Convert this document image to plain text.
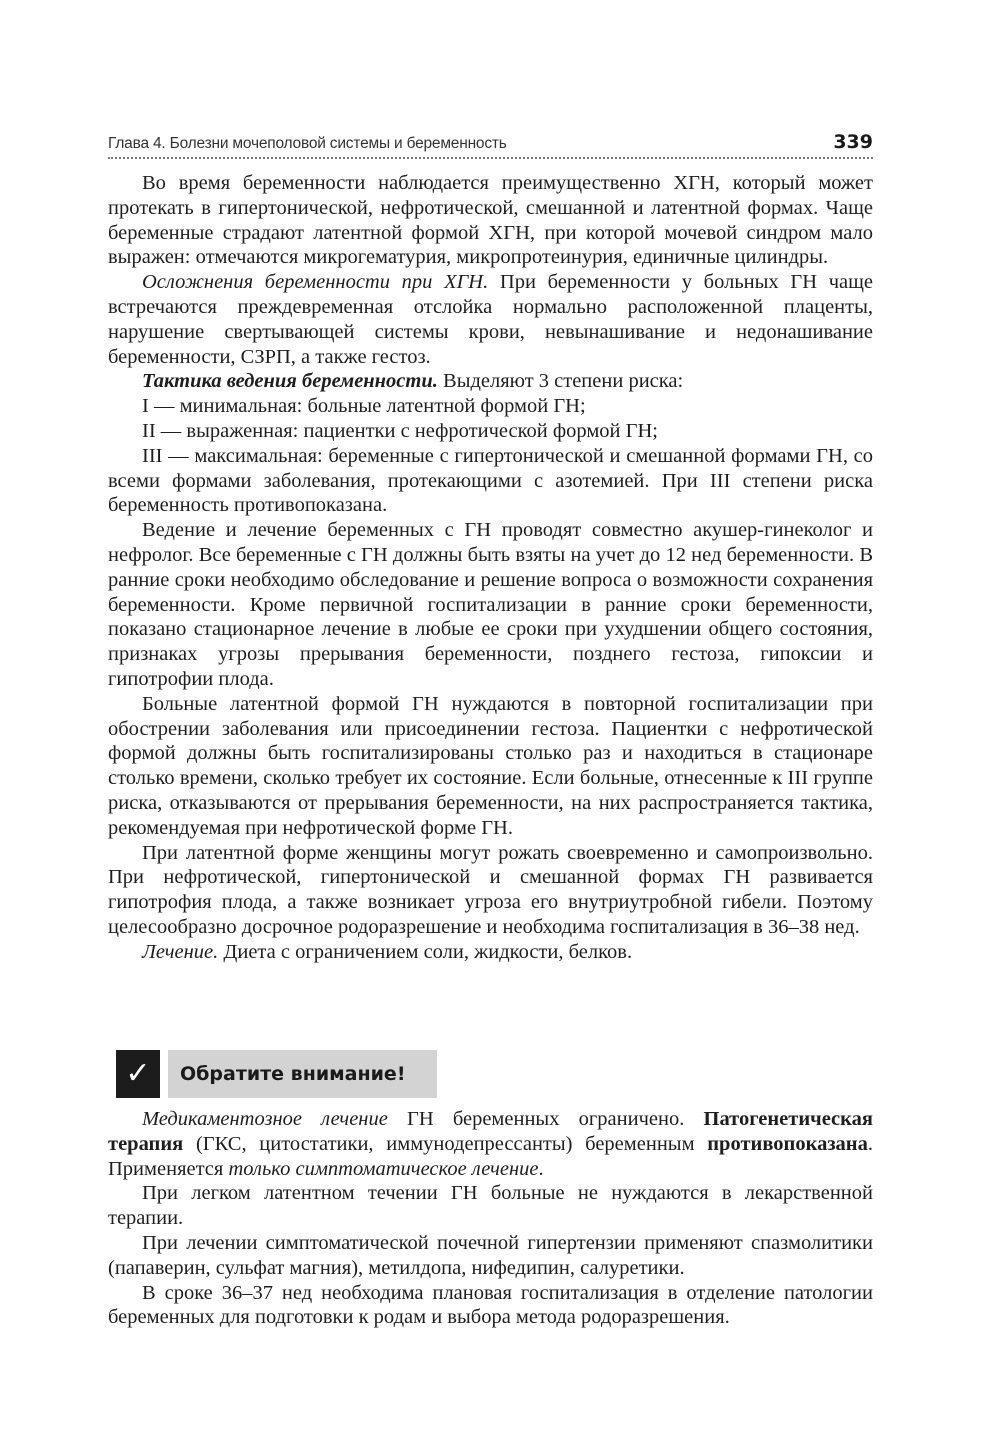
Глава 4. Болезни мочеполовой системы и беременность	339

Во время беременности наблюдается преимущественно ХГН, который может протекать в гипертонической, нефротической, смешанной и латентной формах. Чаще беременные страдают латентной формой ХГН, при которой мочевой синдром мало выражен: отмечаются микрогематурия, микропротеинурия, единичные цилиндры.

Осложнения беременности при ХГН. При беременности у больных ГН чаще встречаются преждевременная отслойка нормально расположенной плаценты, нарушение свертывающей системы крови, невынашивание и недонашивание беременности, СЗРП, а также гестоз.

Тактика ведения беременности. Выделяют 3 степени риска:

I — минимальная: больные латентной формой ГН;

II — выраженная: пациентки с нефротической формой ГН;

III — максимальная: беременные с гипертонической и смешанной формами ГН, со всеми формами заболевания, протекающими с азотемией. При III степени риска беременность противопоказана.

Ведение и лечение беременных с ГН проводят совместно акушер-гинеколог и нефролог. Все беременные с ГН должны быть взяты на учет до 12 нед беременности. В ранние сроки необходимо обследование и решение вопроса о возможности сохранения беременности. Кроме первичной госпитализации в ранние сроки беременности, показано стационарное лечение в любые ее сроки при ухудшении общего состояния, признаках угрозы прерывания беременности, позднего гестоза, гипоксии и гипотрофии плода.

Больные латентной формой ГН нуждаются в повторной госпитализации при обострении заболевания или присоединении гестоза. Пациентки с нефротической формой должны быть госпитализированы столько раз и находиться в стационаре столько времени, сколько требует их состояние. Если больные, отнесенные к III группе риска, отказываются от прерывания беременности, на них распространяется тактика, рекомендуемая при нефротической форме ГН.

При латентной форме женщины могут рожать своевременно и самопроизвольно. При нефротической, гипертонической и смешанной формах ГН развивается гипотрофия плода, а также возникает угроза его внутриутробной гибели. Поэтому целесообразно досрочное родоразрешение и необходима госпитализация в 36–38 нед.

Лечение. Диета с ограничением соли, жидкости, белков.

✓	Обратите внимание!

Медикаментозное лечение ГН беременных ограничено. Патогенетическая терапия (ГКС, цитостатики, иммунодепрессанты) беременным противопоказана. Применяется только симптоматическое лечение.

При легком латентном течении ГН больные не нуждаются в лекарственной терапии.

При лечении симптоматической почечной гипертензии применяют спазмолитики (папаверин, сульфат магния), метилдопа, нифедипин, салуретики.

В сроке 36–37 нед необходима плановая госпитализация в отделение патологии беременных для подготовки к родам и выбора метода родоразрешения.
